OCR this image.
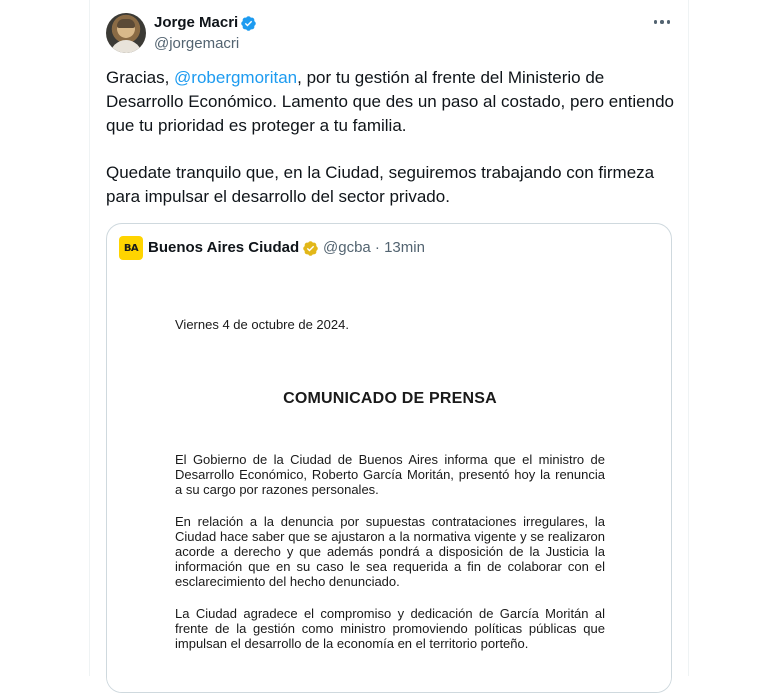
Jorge Macri
@jorgemacri

Gracias, @robergmoritan, por tu gestión al frente del Ministerio de Desarrollo Económico. Lamento que des un paso al costado, pero entiendo que tu prioridad es proteger a tu familia.

Quedate tranquilo que, en la Ciudad, seguiremos trabajando con firmeza para impulsar el desarrollo del sector privado.

BA Buenos Aires Ciudad @gcba · 13min
Viernes 4 de octubre de 2024.
COMUNICADO DE PRENSA
El Gobierno de la Ciudad de Buenos Aires informa que el ministro de Desarrollo Económico, Roberto García Moritán, presentó hoy la renuncia a su cargo por razones personales.
En relación a la denuncia por supuestas contrataciones irregulares, la Ciudad hace saber que se ajustaron a la normativa vigente y se realizaron acorde a derecho y que además pondrá a disposición de la Justicia la información que en su caso le sea requerida a fin de colaborar con el esclarecimiento del hecho denunciado.
La Ciudad agradece el compromiso y dedicación de García Moritán al frente de la gestión como ministro promoviendo políticas públicas que impulsan el desarrollo de la economía en el territorio porteño.
